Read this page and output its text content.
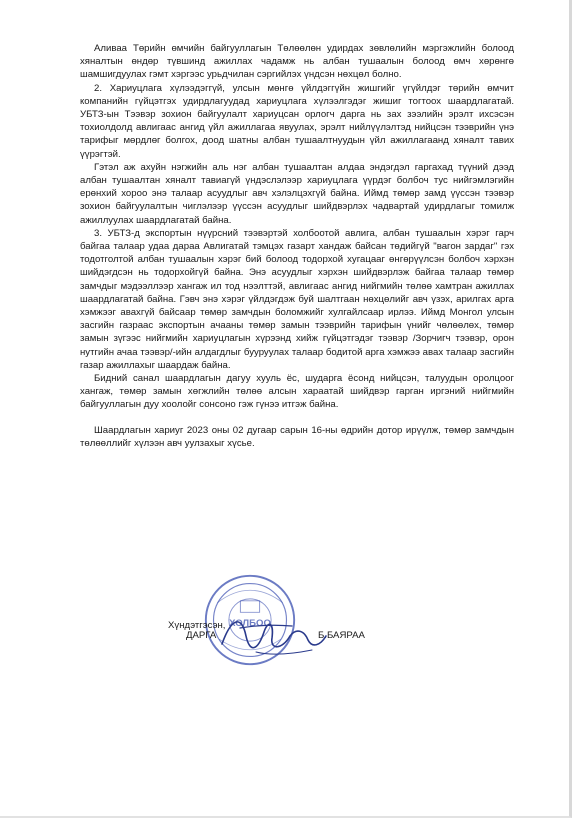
Аливаа Төрийн өмчийн байгууллагын Төлөөлөн удирдах зөвлөлийн мэргэжлийн болоод хяналтын өндөр түвшинд ажиллах чадамж нь албан тушаалын болоод өмч хөрөнгө шамшигдуулах гэмт хэргээс урьдчилан сэргийлэх үндсэн нөхцөл болно.

2. Хариуцлага хүлээдэггүй, улсын мөнгө үйлдэггүйн жишгийг үгүйлдэг төрийн өмчит компанийн гүйцэтгэх удирдлагуудад хариуцлага хүлээлгэдэг жишиг тогтоох шаардлагатай. УБТЗ-ын Тээвэр зохион байгуулалт хариуцсан орлогч дарга нь зах зээлийн эрэлт ихсэсэн тохиолдолд авлигаас ангид үйл ажиллагаа явуулах, эрэлт нийлүүлэлтэд нийцсэн тээврийн үнэ тарифыг мөрдлөг болгох, доод шатны албан тушаалтнуудын үйл ажиллагаанд хяналт тавих үүрэгтэй.

Гэтэл аж ахуйн нэгжийн аль нэг албан тушаалтан алдаа эндэгдэл гаргахад түүний дээд албан тушаалтан хяналт тавиагүй үндэслэлээр хариуцлага үүрдэг болбоч тус нийгэмлэгийн ерөнхий хороо энэ талаар асуудлыг авч хэлэлцэхгүй байна. Иймд төмөр замд үүссэн тээвэр зохион байгуулалтын чиглэлээр үүссэн асуудлыг шийдвэрлэх чадвартай удирдлагыг томилж ажиллуулах шаардлагатай байна.

3. УБТЗ-д экспортын нүүрсний тээвэртэй холбоотой авлига, албан тушаалын хэрэг гарч байгаа талаар удаа дараа Авлигатай тэмцэх газарт хандаж байсан төдийгүй "вагон зардаг" гэх тодотголтой албан тушаалын хэрэг бий болоод тодорхой хугацааг өнгөрүүлсэн болбоч хэрхэн шийдэгдсэн нь тодорхойгүй байна. Энэ асуудлыг хэрхэн шийдвэрлэж байгаа талаар төмөр замчдыг мэдээллээр хангаж ил тод нээлттэй, авлигаас ангид нийгмийн төлөө хамтран ажиллах шаардлагатай байна. Гэвч энэ хэрэг үйлдэгдэж буй шалтгаан нөхцөлийг авч үзэх, арилгах арга хэмжээг авахгүй байсаар төмөр замчдын боломжийг хулгайлсаар ирлээ. Иймд Монгол улсын засгийн газраас экспортын ачааны төмөр замын тээврийн тарифын үнийг чөлөөлөх, төмөр замын зүгээс нийгмийн хариуцлагын хүрээнд хийж гүйцэтгэдэг тээвэр /Зорчигч тээвэр, орон нутгийн ачаа тээвэр/-ийн алдагдлыг бууруулах талаар бодитой арга хэмжээ авах талаар засгийн газар ажиллахыг шаардаж байна.

Бидний санал шаардлагын дагуу хууль ёс, шударга ёсонд нийцсэн, талуудын оролцоог хангаж, төмөр замын хөгжлийн төлөө алсын хараатай шийдвэр гарган иргэний нийгмийн байгууллагын дуу хоолойг сонсоно гэж гүнээ итгэж байна.

Шаардлагын хариуг 2023 оны 02 дугаар сарын 16-ны өдрийн дотор ирүүлж, төмөр замчдын төлөөллийг хүлээн авч уулзахыг хүсье.

ХОЛБОО
Хүндэтгэсэн,
ДАРГА	Б.БАЯРАА
